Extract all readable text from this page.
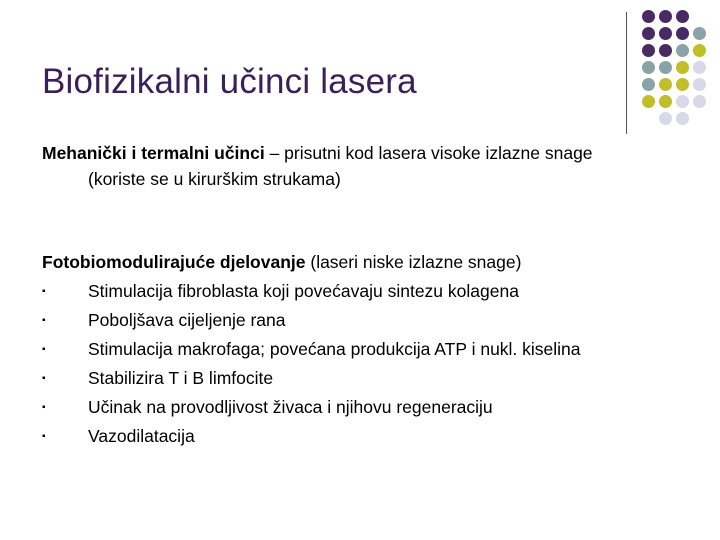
Biofizikalni učinci lasera
Mehanički i termalni učinci – prisutni kod lasera visoke izlazne snage
(koriste se u kirurškim strukama)
Fotobiomodulirajuće djelovanje (laseri niske izlazne snage)
▪ Stimulacija fibroblasta koji povećavaju sintezu kolagena
▪ Poboljšava cijeljenje rana
▪ Stimulacija makrofaga; povećana produkcija ATP i nukl. kiselina
▪ Stabilizira T i B limfocite
▪ Učinak na provodljivost živaca i njihovu regeneraciju
▪ Vazodilatacija
